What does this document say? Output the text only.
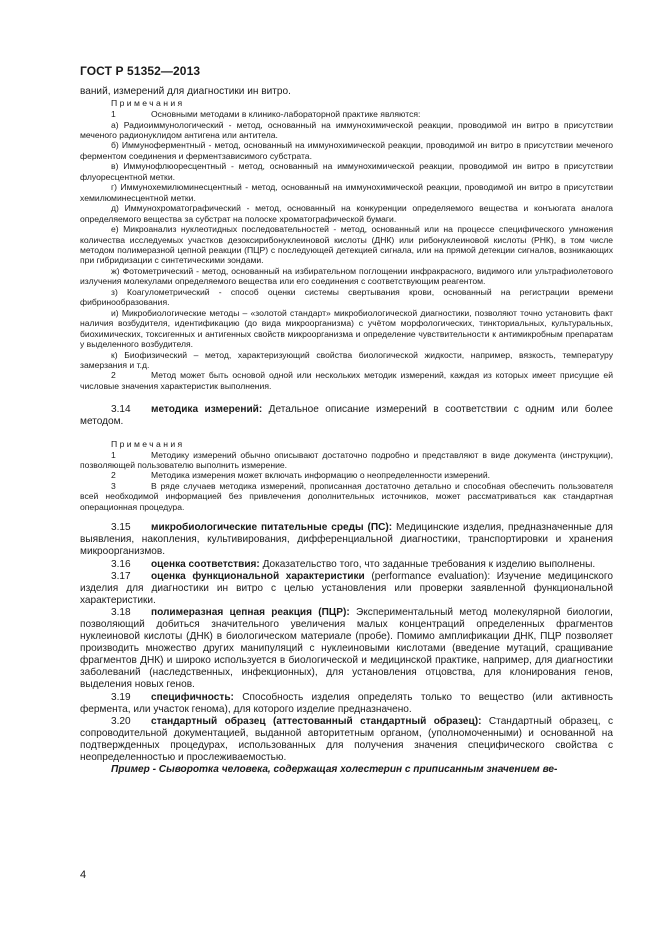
ГОСТ Р 51352—2013

ваний, измерений для диагностики ин витро.

Примечания

1	Основными методами в клинико-лабораторной практике являются:

а) Радиоиммунологический - метод, основанный на иммунохимической реакции, проводимой ин витро в присутствии меченого радионуклидом антигена или антитела.

б) Иммуноферментный - метод, основанный на иммунохимической реакции, проводимой ин витро в присутствии меченого ферментом соединения и ферментзависимого субстрата.

в) Иммунофлюоресцентный - метод, основанный на иммунохимической реакции, проводимой ин витро в присутствии флуоресцентной метки.

г) Иммунохемилюминесцентный - метод, основанный на иммунохимической реакции, проводимой ин витро в присутствии хемилюминесцентной метки.

д) Иммунохроматографический - метод, основанный на конкуренции определяемого вещества и конъюгата аналога определяемого вещества за субстрат на полоске хроматографической бумаги.

е) Микроанализ нуклеотидных последовательностей - метод, основанный или на процессе специфического умножения количества исследуемых участков дезоксирибонуклеиновой кислоты (ДНК) или рибонуклеиновой кислоты (РНК), в том числе методом полимеразной цепной реакции (ПЦР) с последующей детекцией сигнала, или на прямой детекции сигналов, возникающих при гибридизации с синтетическими зондами.

ж) Фотометрический - метод, основанный на избирательном поглощении инфракрасного, видимого или ультрафиолетового излучения молекулами определяемого вещества или его соединения с соответствующим реагентом.

з) Коагулометрический - способ оценки системы свертывания крови, основанный на регистрации времени фибринообразования.

и) Микробиологические методы – «золотой стандарт» микробиологической диагностики, позволяют точно установить факт наличия возбудителя, идентификацию (до вида микроорганизма) с учётом морфологических, тинкториальных, культуральных, биохимических, токсигенных и антигенных свойств микроорганизма и определение чувствительности к антимикробным препаратам у выделенного возбудителя.

к) Биофизический – метод, характеризующий свойства биологической жидкости, например, вязкость, температуру замерзания и т.д.

2	Метод может быть основой одной или нескольких методик измерений, каждая из которых имеет присущие ей числовые значения характеристик выполнения.

3.14 методика измерений: Детальное описание измерений в соответствии с одним или более методом.

Примечания

1	Методику измерений обычно описывают достаточно подробно и представляют в виде документа (инструкции), позволяющей пользователю выполнить измерение.

2	Методика измерения может включать информацию о неопределенности измерений.

3	В ряде случаев методика измерений, прописанная достаточно детально и способная обеспечить пользователя всей необходимой информацией без привлечения дополнительных источников, может рассматриваться как стандартная операционная процедура.

3.15 микробиологические питательные среды (ПС): Медицинские изделия, предназначенные для выявления, накопления, культивирования, дифференциальной диагностики, транспортировки и хранения микроорганизмов.

3.16 оценка соответствия: Доказательство того, что заданные требования к изделию выполнены.

3.17 оценка функциональной характеристики (performance evaluation): Изучение медицинского изделия для диагностики ин витро с целью установления или проверки заявленной функциональной характеристики.

3.18 полимеразная цепная реакция (ПЦР): Экспериментальный метод молекулярной биологии, позволяющий добиться значительного увеличения малых концентраций определенных фрагментов нуклеиновой кислоты (ДНК) в биологическом материале (пробе). Помимо амплификации ДНК, ПЦР позволяет производить множество других манипуляций с нуклеиновыми кислотами (введение мутаций, сращивание фрагментов ДНК) и широко используется в биологической и медицинской практике, например, для диагностики заболеваний (наследственных, инфекционных), для установления отцовства, для клонирования генов, выделения новых генов.

3.19 специфичность: Способность изделия определять только то вещество (или активность фермента, или участок генома), для которого изделие предназначено.

3.20 стандартный образец (аттестованный стандартный образец): Стандартный образец, с сопроводительной документацией, выданной авторитетным органом, (уполномоченными) и основанной на подтвержденных процедурах, использованных для получения значения специфического свойства с неопределенностью и прослеживаемостью.

Пример - Сыворотка человека, содержащая холестерин с приписанным значением ве-

4
